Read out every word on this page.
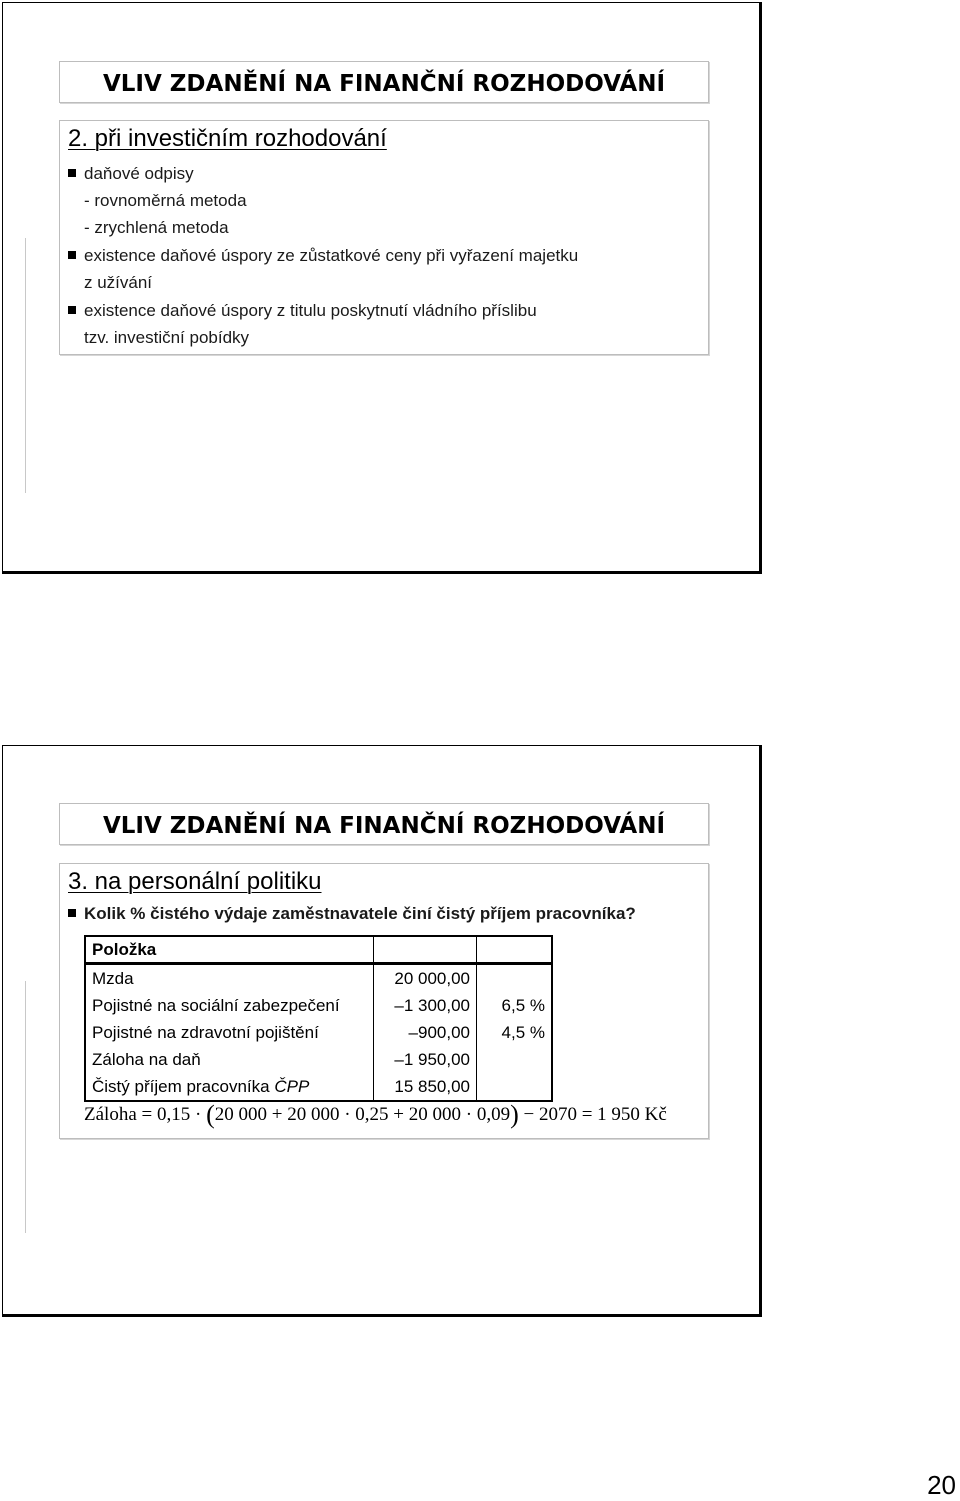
VLIV ZDANĚNÍ NA FINANČNÍ ROZHODOVÁNÍ
2. při investičním rozhodování
daňové odpisy
- rovnoměrná metoda
- zrychlená metoda
existence daňové úspory ze zůstatkové ceny při vyřazení majetku
z užívání
existence daňové úspory z titulu poskytnutí vládního příslibu
tzv. investiční pobídky
VLIV ZDANĚNÍ NA FINANČNÍ ROZHODOVÁNÍ
3. na personální politiku
Kolik % čistého výdaje zaměstnavatele činí čistý příjem pracovníka?
Položka		
Mzda	20 000,00	
Pojistné na sociální zabezpečení	–1 300,00	6,5 %
Pojistné na zdravotní pojištění	–900,00	4,5 %
Záloha na daň	–1 950,00	
Čistý příjem pracovníka ČPP	15 850,00	
Záloha = 0,15 · (20 000 + 20 000 · 0,25 + 20 000 · 0,09) − 2070 = 1 950 Kč
20
